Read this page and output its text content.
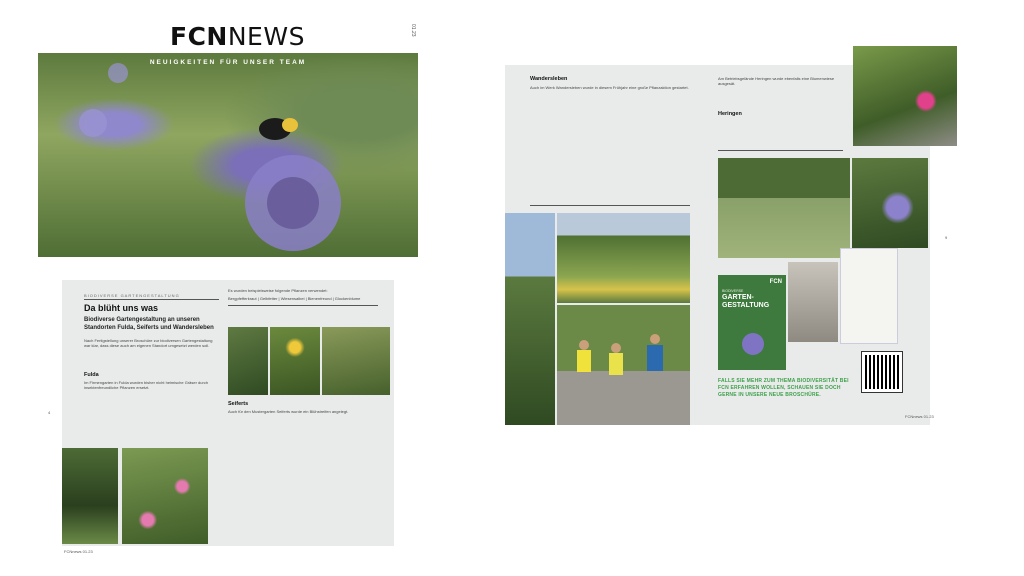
FCNNEWS	01.23
NEUIGKEITEN FÜR UNSER TEAM
BIODIVERSE GARTENGESTALTUNG
Da blüht uns was
Biodiverse Gartengestaltung an unseren Standorten Fulda, Seiferts und Wandersleben
Nach Fertigstellung unserer Broschüre zur biodiversen Gartengestaltung war klar, dass diese auch am eigenen Standort umgesetzt werden soll.
Fulda
Im Firmengarten in Fulda wurden bisher nicht heimische Gräser durch insektenfreundliche Pflanzen ersetzt.
Es wurden beispielsweise folgende Pflanzen verwendet:
Bergpfefferkraut | Gelbfetter | Wiesensalbei | Bienenfreund | Glockenblume
Seiferts
Auch für den Mustergarten Seiferts wurde ein Blühstreifen angelegt.
4
FCNnews 01.23
Wandersleben
Auch im Werk Wandersleben wurde in diesem Frühjahr eine große Pflanzaktion gestartet.
Am Betriebsgelände Heringen wurde ebenfalls eine Blumenwiese ausgesät.
Heringen
FCN
BIODIVERSE
GARTEN-GESTALTUNG
FALLS SIE MEHR ZUM THEMA BIODIVERSITÄT BEI FCN ERFAHREN WOLLEN, SCHAUEN SIE DOCH GERNE IN UNSERE NEUE BROSCHÜRE.
9
FCNnews 01.23
